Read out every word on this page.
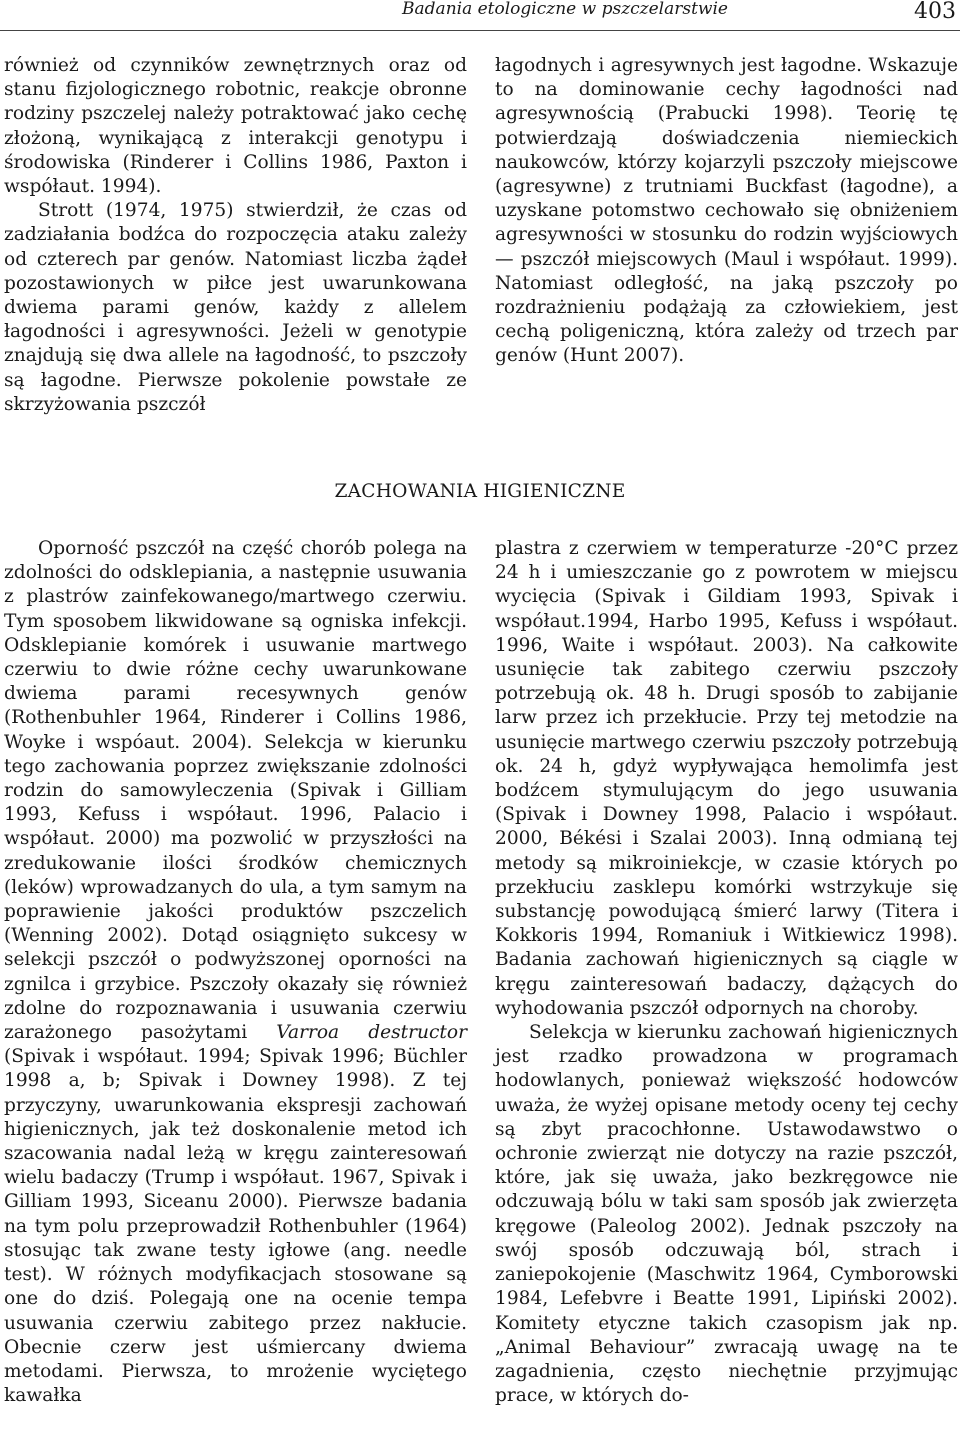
Badania etologiczne w pszczelarstwie	403

również od czynników zewnętrznych oraz od stanu fizjologicznego robotnic, reakcje obronne rodziny pszczelej należy potraktować jako cechę złożoną, wynikającą z interakcji genotypu i środowiska (Rinderer i Collins 1986, Paxton i współaut. 1994).

Strott (1974, 1975) stwierdził, że czas od zadziałania bodźca do rozpoczęcia ataku zależy od czterech par genów. Natomiast liczba żądeł pozostawionych w piłce jest uwarunkowana dwiema parami genów, każdy z allelem łagodności i agresywności. Jeżeli w genotypie znajdują się dwa allele na łagodność, to pszczoły są łagodne. Pierwsze pokolenie powstałe ze skrzyżowania pszczół

łagodnych i agresywnych jest łagodne. Wskazuje to na dominowanie cechy łagodności nad agresywnością (Prabucki 1998). Teorię tę potwierdzają doświadczenia niemieckich naukowców, którzy kojarzyli pszczoły miejscowe (agresywne) z trutniami Buckfast (łagodne), a uzyskane potomstwo cechowało się obniżeniem agresywności w stosunku do rodzin wyjściowych — pszczół miejscowych (Maul i współaut. 1999). Natomiast odległość, na jaką pszczoły po rozdrażnieniu podążają za człowiekiem, jest cechą poligeniczną, która zależy od trzech par genów (Hunt 2007).

ZACHOWANIA HIGIENICZNE

Oporność pszczół na część chorób polega na zdolności do odsklepiania, a następnie usuwania z plastrów zainfekowanego/martwego czerwiu. Tym sposobem likwidowane są ogniska infekcji. Odsklepianie komórek i usuwanie martwego czerwiu to dwie różne cechy uwarunkowane dwiema parami recesywnych genów (Rothenbuhler 1964, Rinderer i Collins 1986, Woyke i wspóaut. 2004). Selekcja w kierunku tego zachowania poprzez zwiększanie zdolności rodzin do samowyleczenia (Spivak i Gilliam 1993, Kefuss i współaut. 1996, Palacio i współaut. 2000) ma pozwolić w przyszłości na zredukowanie ilości środków chemicznych (leków) wprowadzanych do ula, a tym samym na poprawienie jakości produktów pszczelich (Wenning 2002). Dotąd osiągnięto sukcesy w selekcji pszczół o podwyższonej oporności na zgnilca i grzybice. Pszczoły okazały się również zdolne do rozpoznawania i usuwania czerwiu zarażonego pasożytami Varroa destructor (Spivak i współaut. 1994; Spivak 1996; Büchler 1998 a, b; Spivak i Downey 1998). Z tej przyczyny, uwarunkowania ekspresji zachowań higienicznych, jak też doskonalenie metod ich szacowania nadal leżą w kręgu zainteresowań wielu badaczy (Trump i współaut. 1967, Spivak i Gilliam 1993, Siceanu 2000). Pierwsze badania na tym polu przeprowadził Rothenbuhler (1964) stosując tak zwane testy igłowe (ang. needle test). W różnych modyfikacjach stosowane są one do dziś. Polegają one na ocenie tempa usuwania czerwiu zabitego przez nakłucie. Obecnie czerw jest uśmiercany dwiema metodami. Pierwsza, to mrożenie wyciętego kawałka

plastra z czerwiem w temperaturze -20°C przez 24 h i umieszczanie go z powrotem w miejscu wycięcia (Spivak i Gildiam 1993, Spivak i współaut.1994, Harbo 1995, Kefuss i współaut. 1996, Waite i współaut. 2003). Na całkowite usunięcie tak zabitego czerwiu pszczoły potrzebują ok. 48 h. Drugi sposób to zabijanie larw przez ich przekłucie. Przy tej metodzie na usunięcie martwego czerwiu pszczoły potrzebują ok. 24 h, gdyż wypływająca hemolimfa jest bodźcem stymulującym do jego usuwania (Spivak i Downey 1998, Palacio i współaut. 2000, Békési i Szalai 2003). Inną odmianą tej metody są mikroiniekcje, w czasie których po przekłuciu zasklepu komórki wstrzykuje się substancję powodującą śmierć larwy (Titera i Kokkoris 1994, Romaniuk i Witkiewicz 1998). Badania zachowań higienicznych są ciągle w kręgu zainteresowań badaczy, dążących do wyhodowania pszczół odpornych na choroby.

Selekcja w kierunku zachowań higienicznych jest rzadko prowadzona w programach hodowlanych, ponieważ większość hodowców uważa, że wyżej opisane metody oceny tej cechy są zbyt pracochłonne. Ustawodawstwo o ochronie zwierząt nie dotyczy na razie pszczół, które, jak się uważa, jako bezkręgowce nie odczuwają bólu w taki sam sposób jak zwierzęta kręgowe (Paleolog 2002). Jednak pszczoły na swój sposób odczuwają ból, strach i zaniepokojenie (Maschwitz 1964, Cymborowski 1984, Lefebvre i Beatte 1991, Lipiński 2002). Komitety etyczne takich czasopism jak np. „Animal Behaviour” zwracają uwagę na te zagadnienia, często niechętnie przyjmując prace, w których do-
